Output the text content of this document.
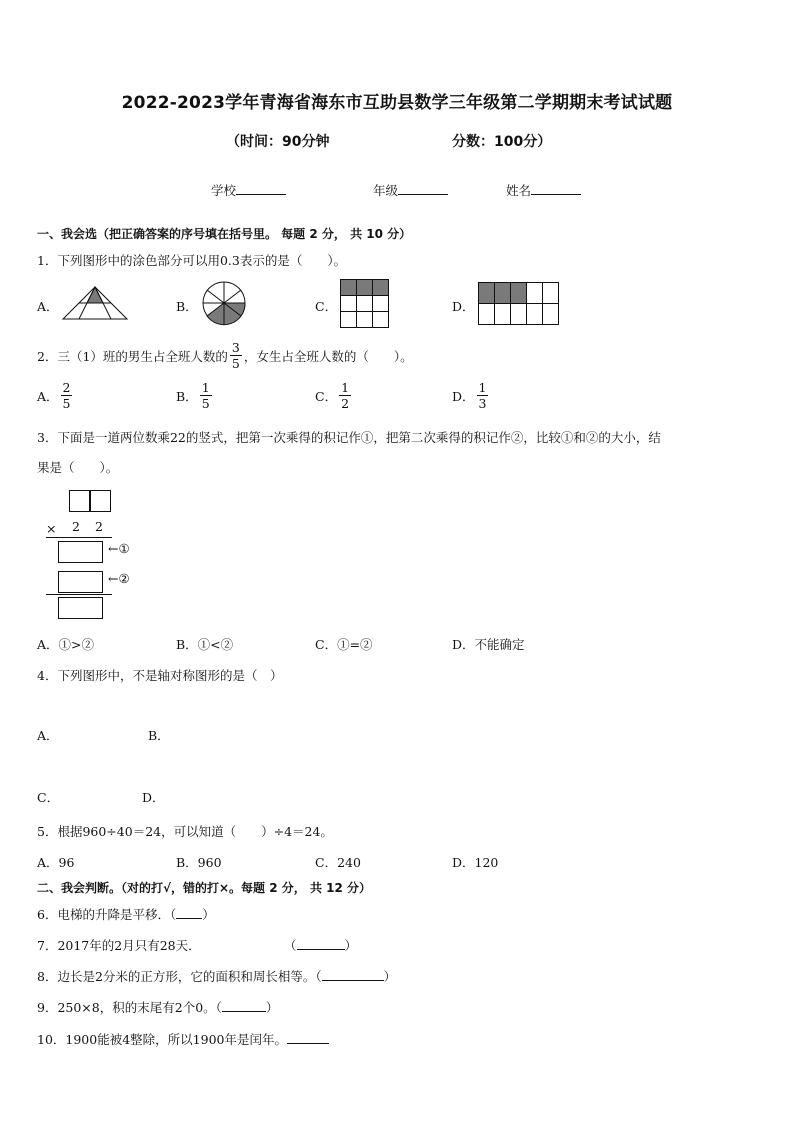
2022-2023学年青海省海东市互助县数学三年级第二学期期末考试试题
（时间：90分钟	分数：100分）
学校	年级	姓名
一、我会选（把正确答案的序号填在括号里。 每题 2 分， 共 10 分）
1．下列图形中的涂色部分可以用0.3表示的是（　　）。
A．	B．	C．	D．
2．三（1）班的男生占全班人数的 $\frac{3}{5}$ ，女生占全班人数的（　　）。
A． $\frac{2}{5}$	B． $\frac{1}{5}$	C． $\frac{1}{2}$	D． $\frac{1}{3}$
3．下面是一道两位数乘22的竖式，把第一次乘得的积记作①，把第二次乘得的积记作②，比较①和②的大小，结
果是（　　）。
× 2 2
←①
←②
A．①>②	B．①<②	C．①=②	D．不能确定
4．下列图形中，不是轴对称图形的是（　）
A．	B．
C．	D．
5．根据960÷40＝24，可以知道（　　）÷4＝24。
A．96	B．960	C．240	D．120
二、我会判断。（对的打√，错的打×。每题 2 分， 共 12 分）
6．电梯的升降是平移．（ ）
7．2017年的2月只有28天．	（	）
8．边长是2分米的正方形，它的面积和周长相等。（	）
9．250×8，积的末尾有2个0。（	）
10．1900能被4整除，所以1900年是闰年。
